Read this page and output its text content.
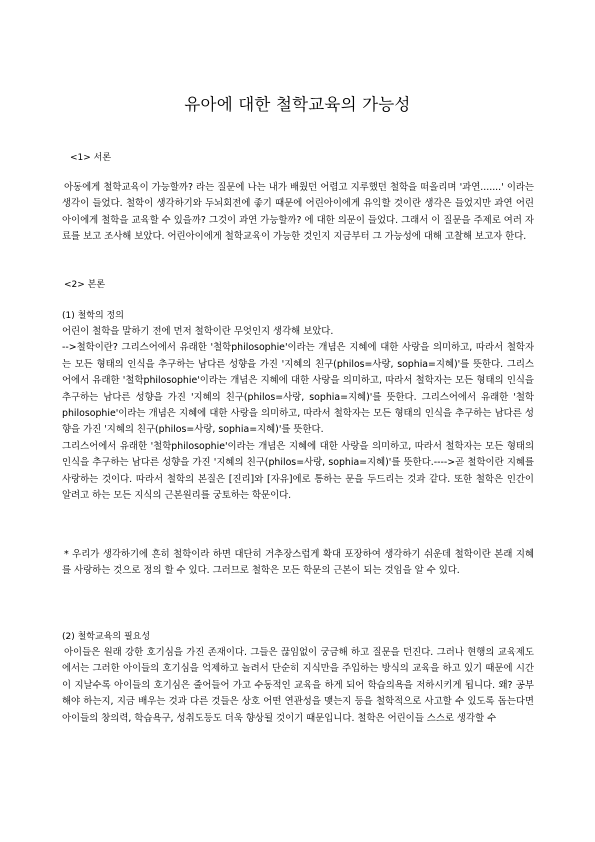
유아에 대한 철학교육의 가능성
<1> 서론

아동에게 철학교육이 가능할까? 라는 질문에 나는 내가 배웠던 어렵고 지루했던 철학을 떠올리며 '과연.......' 이라는 생각이 들었다. 철학이 생각하기와 두뇌회전에 좋기 때문에 어린아이에게 유익할 것이란 생각은 들었지만 과연 어린아이에게 철학을 교육할 수 있을까? 그것이 과연 가능할까? 에 대한 의문이 들었다. 그래서 이 질문을 주제로 여러 자료를 보고 조사해 보았다. 어린아이에게 철학교육이 가능한 것인지 지금부터 그 가능성에 대해 고찰해 보고자 한다.

<2> 본론
(1) 철학의 정의

어린이 철학을 말하기 전에 먼저 철학이란 무엇인지 생각해 보았다.

-->철학이란? 그리스어에서 유래한 '철학philosophie'이라는 개념은 지혜에 대한 사랑을 의미하고, 따라서 철학자는 모든 형태의 인식을 추구하는 남다른 성향을 가진 '지혜의 친구(philos=사랑, sophia=지혜)'를 뜻한다. 그리스어에서 유래한 '철학philosophie'이라는 개념은 지혜에 대한 사랑을 의미하고, 따라서 철학자는 모든 형태의 인식을 추구하는 남다른 성향을 가진 '지혜의 친구(philos=사랑, sophia=지혜)'를 뜻한다. 그리스어에서 유래한 '철학philosophie'이라는 개념은 지혜에 대한 사랑을 의미하고, 따라서 철학자는 모든 형태의 인식을 추구하는 남다른 성향을 가진 '지혜의 친구(philos=사랑, sophia=지혜)'를 뜻한다.

그리스어에서 유래한 '철학philosophie'이라는 개념은 지혜에 대한 사랑을 의미하고, 따라서 철학자는 모든 형태의 인식을 추구하는 남다른 성향을 가진 '지혜의 친구(philos=사랑, sophia=지혜)'를 뜻한다.---->곧 철학이란 지혜를 사랑하는 것이다. 따라서 철학의 본질은 [진리]와 [자유]에로 통하는 문을 두드리는 것과 같다. 또한 철학은 인간이 알려고 하는 모든 지식의 근본원리를 궁토하는 학문이다.

* 우리가 생각하기에 흔히 철학이라 하면 대단히 거추장스럽게 확대 포장하여 생각하기 쉬운데 철학이란 본래 지혜를 사랑하는 것으로 정의 할 수 있다. 그러므로 철학은 모든 학문의 근본이 되는 것임을 알 수 있다.

(2) 철학교육의 필요성

아이들은 원래 강한 호기심을 가진 존재이다. 그들은 끊임없이 궁금해 하고 질문을 던진다. 그러나 현행의 교육제도에서는 그러한 아이들의 호기심을 억제하고 놀려서 단순히 지식만을 주입하는 방식의 교육을 하고 있기 때문에 시간이 지날수록 아이들의 호기심은 줄어들어 가고 수동적인 교육을 하게 되어 학습의욕을 저하시키게 됩니다. 왜? 공부해야 하는지, 지금 배우는 것과 다른 것들은 상호 어떤 연관성을 맺는지 등을 철학적으로 사고할 수 있도록 돕는다면 아이들의 창의력, 학습욕구, 성취도등도 더욱 향상될 것이기 때문입니다. 철학은 어린이들 스스로 생각할 수
